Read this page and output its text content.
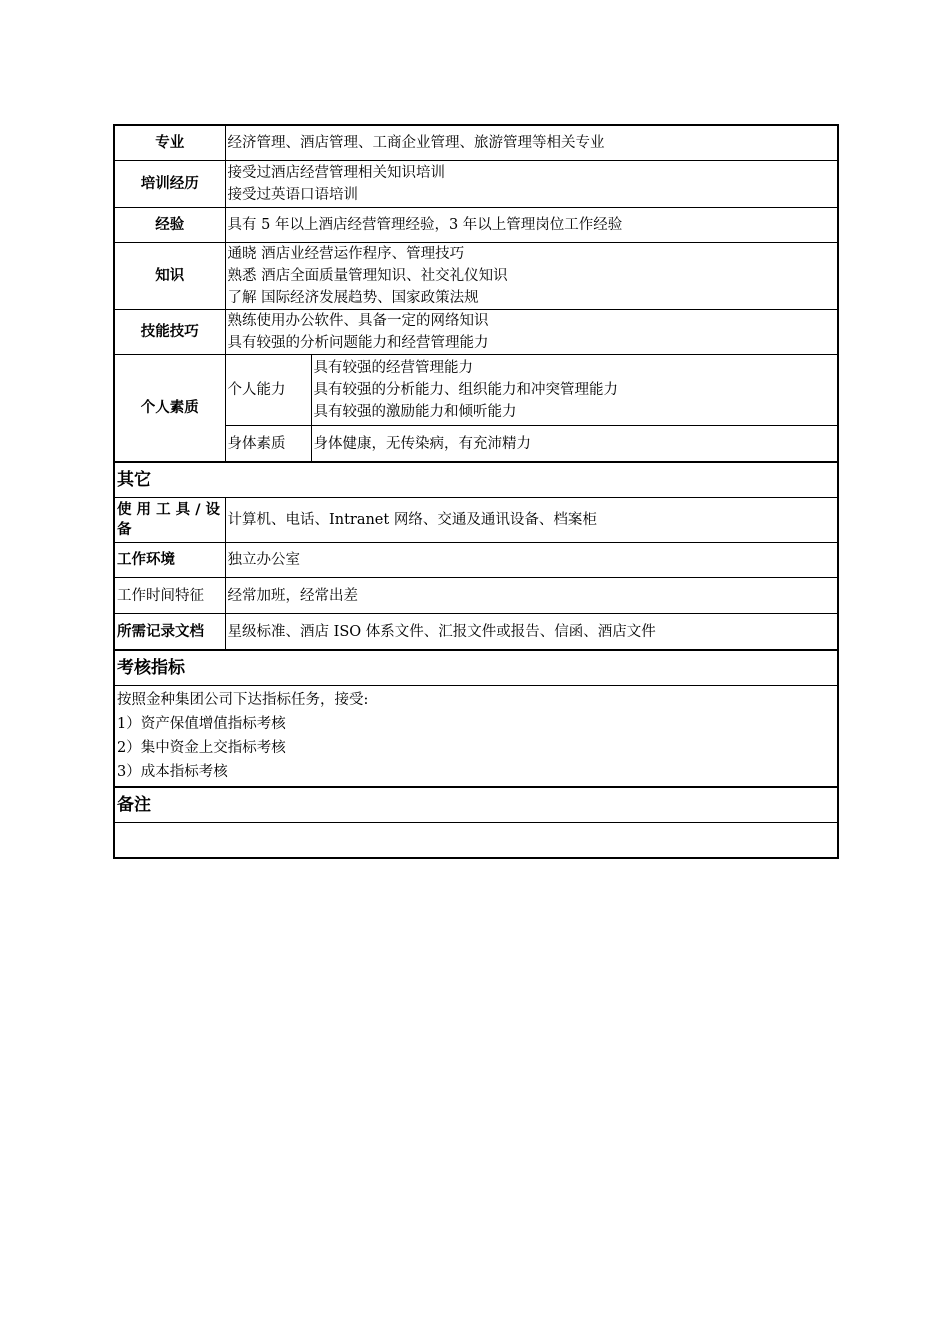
专业	经济管理、酒店管理、工商企业管理、旅游管理等相关专业	
培训经历	接受过酒店经营管理相关知识培训
接受过英语口语培训	

经验	具有 5 年以上酒店经营管理经验，3 年以上管理岗位工作经验	
知识	通晓 酒店业经营运作程序、管理技巧
熟悉 酒店全面质量管理知识、社交礼仪知识
了解 国际经济发展趋势、国家政策法规	

技能技巧	熟练使用办公软件、具备一定的网络知识
具有较强的分析问题能力和经营管理能力	

个人素质	个人能力	具有较强的经营管理能力
具有较强的分析能力、组织能力和冲突管理能力
具有较强的激励能力和倾听能力

	身体素质	身体健康，无传染病，有充沛精力
其它		
使 用 工 具 / 设 备	计算机、电话、Intranet 网络、交通及通讯设备、档案柜	
工作环境	独立办公室	
工作时间特征	经常加班，经常出差	
所需记录文档	星级标准、酒店 ISO 体系文件、汇报文件或报告、信函、酒店文件	
考核指标		

按照金种集团公司下达指标任务，接受:
1）资产保值增值指标考核
2）集中资金上交指标考核
3）成本指标考核		

备注		
